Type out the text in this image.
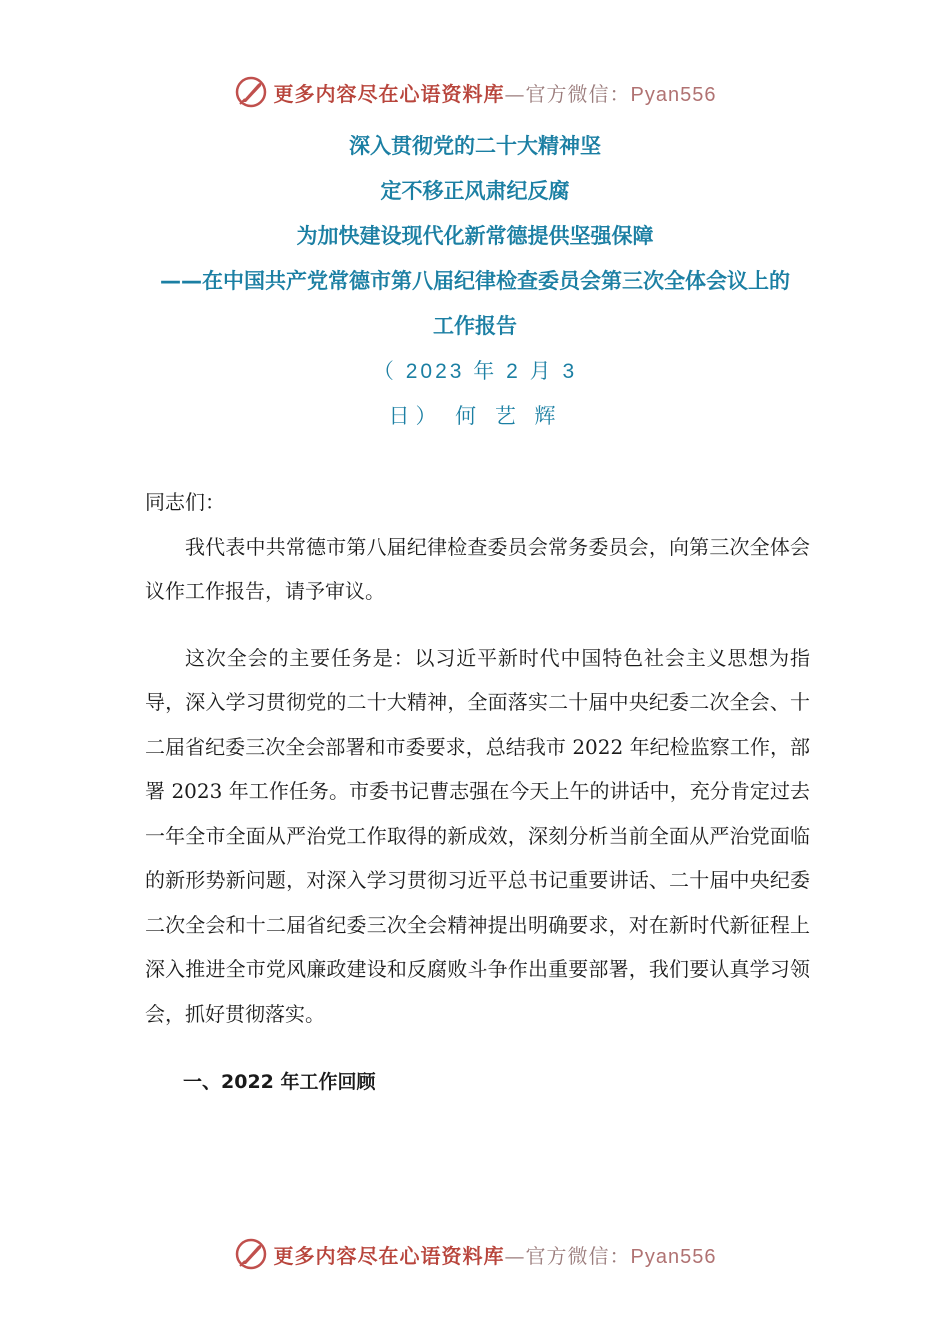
更多内容尽在心语资料库—官方微信：Pyan556
深入贯彻党的二十大精神坚
定不移正风肃纪反腐
为加快建设现代化新常德提供坚强保障
——在中国共产党常德市第八届纪律检查委员会第三次全体会议上的
工作报告
（ 2023 年 2 月 3
日） 何 艺 辉

同志们：

我代表中共常德市第八届纪律检查委员会常务委员会，向第三次全体会议作工作报告，请予审议。

这次全会的主要任务是：以习近平新时代中国特色社会主义思想为指导，深入学习贯彻党的二十大精神，全面落实二十届中央纪委二次全会、十二届省纪委三次全会部署和市委要求，总结我市 2022 年纪检监察工作，部署 2023 年工作任务。市委书记曹志强在今天上午的讲话中，充分肯定过去一年全市全面从严治党工作取得的新成效，深刻分析当前全面从严治党面临的新形势新问题，对深入学习贯彻习近平总书记重要讲话、二十届中央纪委二次全会和十二届省纪委三次全会精神提出明确要求，对在新时代新征程上深入推进全市党风廉政建设和反腐败斗争作出重要部署，我们要认真学习领会，抓好贯彻落实。

一、2022 年工作回顾

更多内容尽在心语资料库—官方微信：Pyan556
